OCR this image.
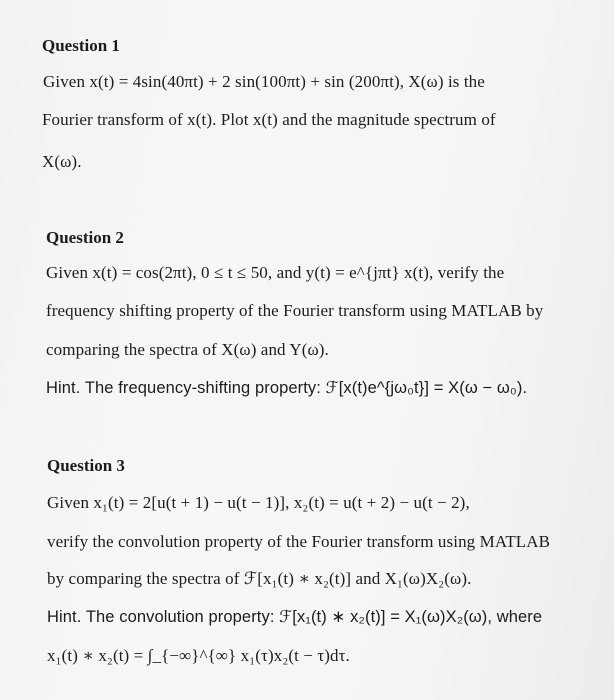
Question 1
Given x(t) = 4sin(40πt) + 2 sin(100πt) + sin (200πt), X(ω) is the
Fourier transform of x(t). Plot x(t) and the magnitude spectrum of
X(ω).
Question 2
Given x(t) = cos(2πt), 0 ≤ t ≤ 50, and y(t) = e^{jπt} x(t), verify the
frequency shifting property of the Fourier transform using MATLAB by
comparing the spectra of X(ω) and Y(ω).
Hint. The frequency-shifting property: ℱ[x(t)e^{jω₀t}] = X(ω − ω₀).
Question 3
Given x₁(t) = 2[u(t + 1) − u(t − 1)], x₂(t) = u(t + 2) − u(t − 2),
verify the convolution property of the Fourier transform using MATLAB
by comparing the spectra of ℱ[x₁(t) ∗ x₂(t)] and X₁(ω)X₂(ω).
Hint. The convolution property: ℱ[x₁(t) ∗ x₂(t)] = X₁(ω)X₂(ω), where
x₁(t) ∗ x₂(t) = ∫_{−∞}^{∞} x₁(τ)x₂(t − τ)dτ.
